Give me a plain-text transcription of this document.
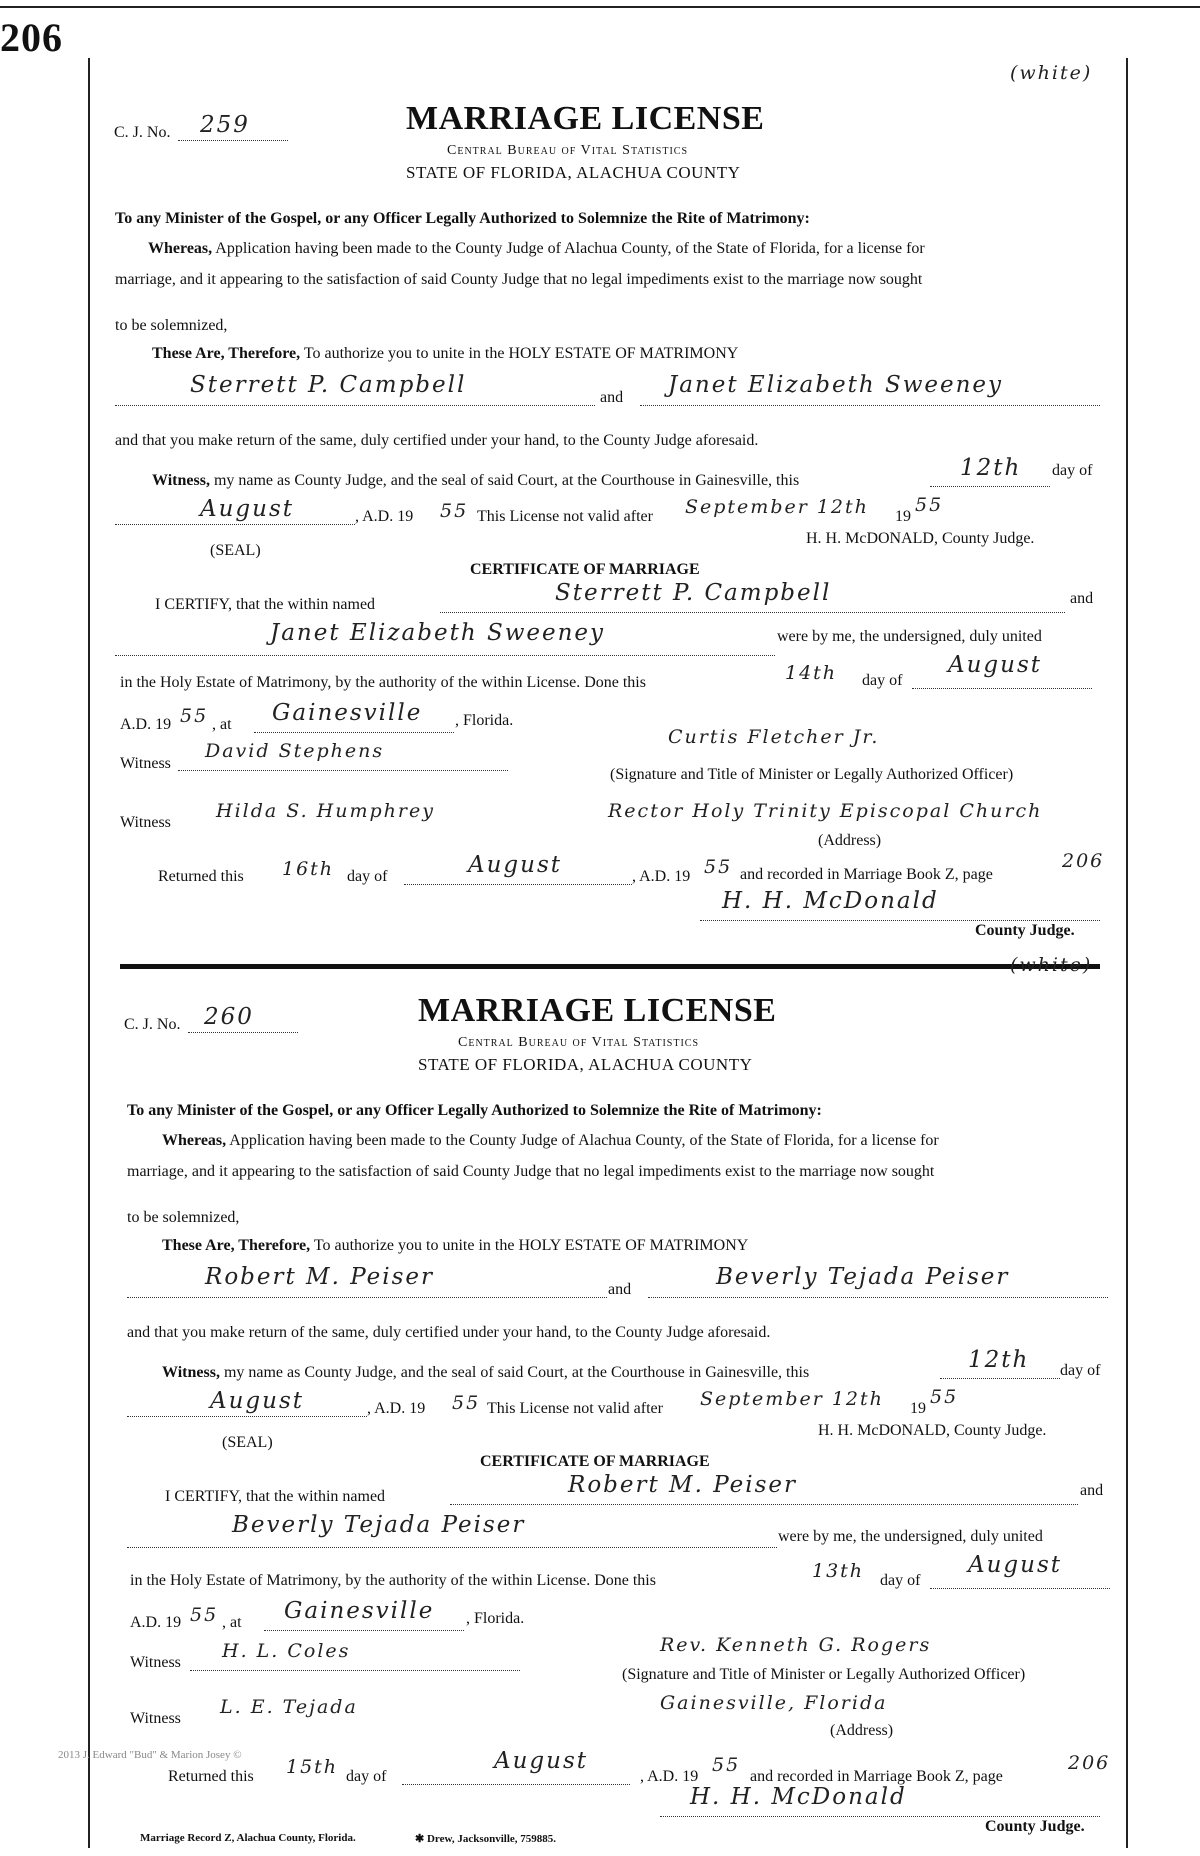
206
(white)
C. J. No. 259	MARRIAGE LICENSE
Central Bureau of Vital Statistics
STATE OF FLORIDA, ALACHUA COUNTY
To any Minister of the Gospel, or any Officer Legally Authorized to Solemnize the Rite of Matrimony:
Whereas, Application having been made to the County Judge of Alachua County, of the State of Florida, for a license for
marriage, and it appearing to the satisfaction of said County Judge that no legal impediments exist to the marriage now sought
to be solemnized,
These Are, Therefore, To authorize you to unite in the HOLY ESTATE OF MATRIMONY
Sterrett P. Campbell	and Janet Elizabeth Sweeney
and that you make return of the same, duly certified under your hand, to the County Judge aforesaid.
Witness, my name as County Judge, and the seal of said Court, at the Courthouse in Gainesville, this	12th day of
August	, A.D. 19 55 This License not valid after September 12th 19
55
(SEAL)
H. H. McDONALD, County Judge.
CERTIFICATE OF MARRIAGE
I CERTIFY, that the within named	Sterrett P. Campbell	and
Janet Elizabeth Sweeney	were by me, the undersigned, duly united
in the Holy Estate of Matrimony, by the authority of the within License. Done this	14th day of
August
A.D. 19 55 , at Gainesville , Florida.
Witness
David Stephens
Curtis Fletcher Jr.
(Signature and Title of Minister or Legally Authorized Officer)
Witness
Hilda S. Humphrey	Rector Holy Trinity Episcopal Church
(Address)
Returned this 16th day of	August	, A.D. 19 55 and recorded in Marriage Book Z, page
206
H. H. McDonald
County Judge.
(white)
C. J. No. 260	MARRIAGE LICENSE
Central Bureau of Vital Statistics
STATE OF FLORIDA, ALACHUA COUNTY
To any Minister of the Gospel, or any Officer Legally Authorized to Solemnize the Rite of Matrimony:
Whereas, Application having been made to the County Judge of Alachua County, of the State of Florida, for a license for
marriage, and it appearing to the satisfaction of said County Judge that no legal impediments exist to the marriage now sought
to be solemnized,
These Are, Therefore, To authorize you to unite in the HOLY ESTATE OF MATRIMONY
Robert M. Peiser	and	Beverly Tejada Peiser
and that you make return of the same, duly certified under your hand, to the County Judge aforesaid.
Witness, my name as County Judge, and the seal of said Court, at the Courthouse in Gainesville, this	12th day of
August	, A.D. 19 55 This License not valid after September 12th 19
55
(SEAL)
H. H. McDONALD, County Judge.
CERTIFICATE OF MARRIAGE
I CERTIFY, that the within named	Robert M. Peiser	and
Beverly Tejada Peiser	were by me, the undersigned, duly united
in the Holy Estate of Matrimony, by the authority of the within License. Done this	13th day of
August
A.D. 19 55 , at Gainesville , Florida.
Witness
H. L. Coles	Rev. Kenneth G. Rogers
(Signature and Title of Minister or Legally Authorized Officer)
Witness
L. E. Tejada	Gainesville, Florida
(Address)
Returned this 15th day of
August
, A.D. 19
55
and recorded in Marriage Book Z, page
206
H. H. McDonald
County Judge.
2013 J. Edward "Bud" & Marion Josey ©
Marriage Record Z, Alachua County, Florida.	✱ Drew, Jacksonville, 759885.
